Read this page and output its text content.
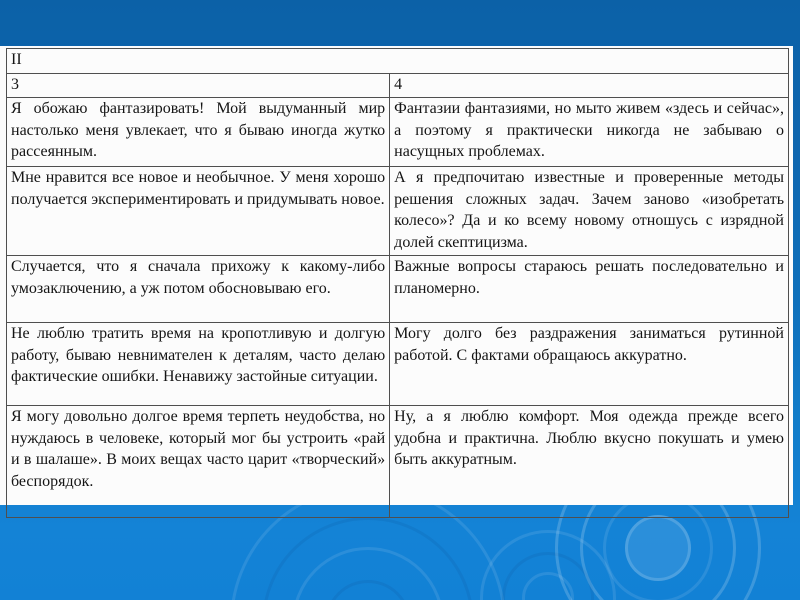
II	
3	4
Я обожаю фантазировать! Мой выдуманный мир настолько меня увлекает, что я бываю иногда жутко рассеянным.	Фантазии фантазиями, но мыто живем «здесь и сейчас», а поэтому я практически никогда не забываю о насущных проблемах.
Мне нравится все новое и необычное. У меня хорошо получается экспериментировать и придумывать новое.	А я предпочитаю известные и проверенные методы решения сложных задач. Зачем заново «изобретать колесо»? Да и ко всему новому отношусь с изрядной долей скептицизма.
Случается, что я сначала прихожу к какому-либо умозаключению, а уж потом обосновываю его.	Важные вопросы стараюсь решать последовательно и планомерно.
Не люблю тратить время на кропотливую и долгую работу, бываю невнимателен к деталям, часто делаю фактические ошибки. Ненавижу застойные ситуации.	Могу долго без раздражения заниматься рутинной работой. С фактами обращаюсь аккуратно.
Я могу довольно долгое время терпеть неудобства, но нуждаюсь в человеке, который мог бы устроить «рай и в шалаше». В моих вещах часто царит «творческий» беспорядок.	Ну, а я люблю комфорт. Моя одежда прежде всего удобна и практична. Люблю вкусно покушать и умею быть аккуратным.
